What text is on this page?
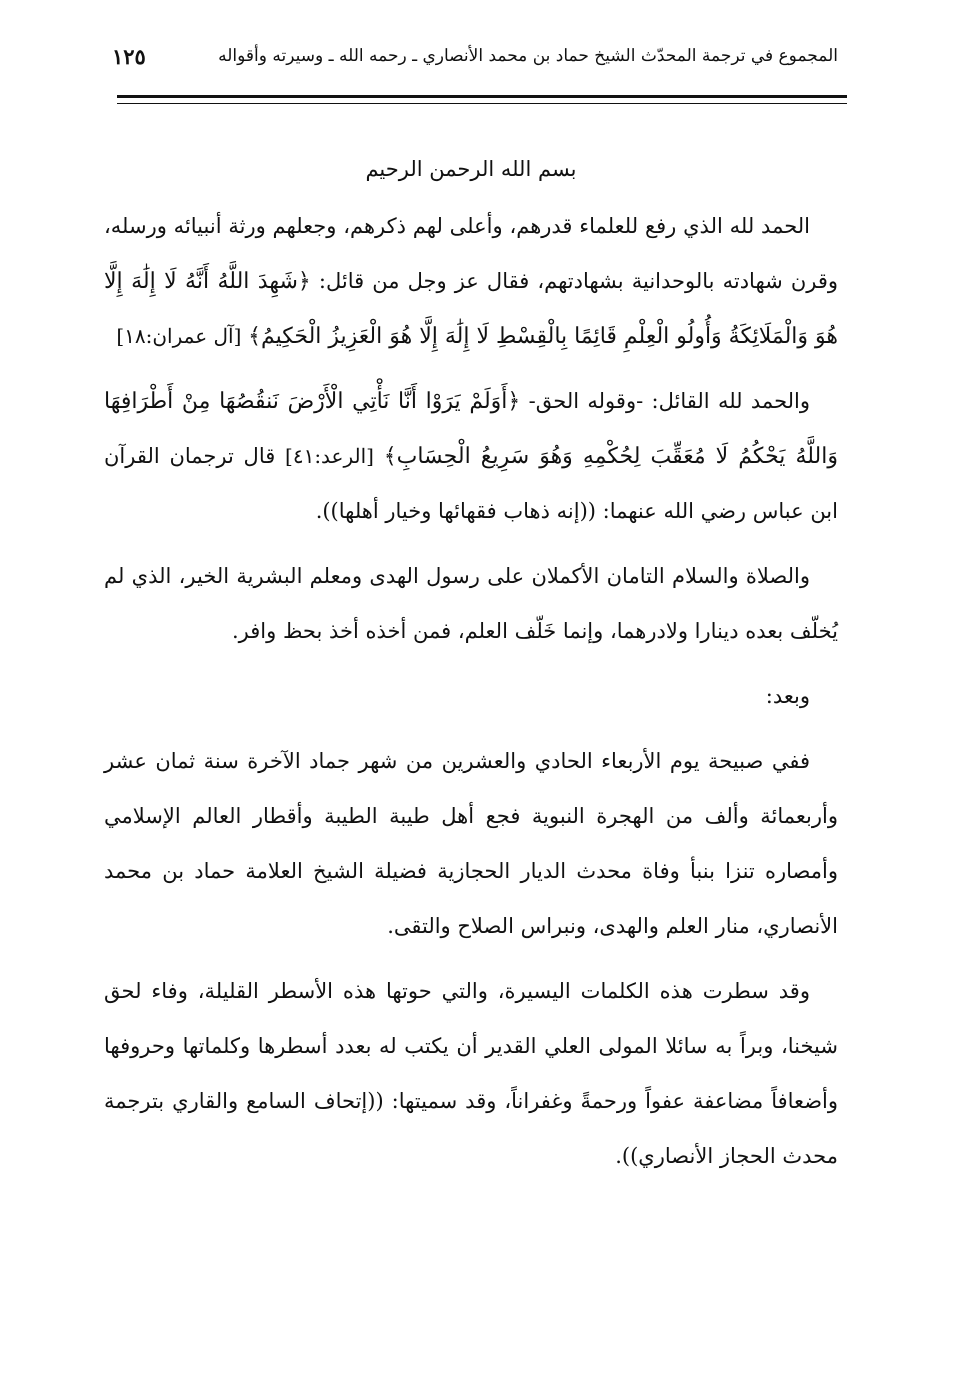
المجموع في ترجمة المحدّث الشيخ حماد بن محمد الأنصاري ـ رحمه الله ـ وسيرته وأقواله
١٢٥

بسم الله الرحمن الرحيم

الحمد لله الذي رفع للعلماء قدرهم، وأعلى لهم ذكرهم، وجعلهم ورثة أنبيائه ورسله، وقرن شهادته بالوحدانية بشهادتهم، فقال عز وجل من قائل: ﴿شَهِدَ اللَّهُ أَنَّهُ لَا إِلَٰهَ إِلَّا هُوَ وَالْمَلَائِكَةُ وَأُولُو الْعِلْمِ قَائِمًا بِالْقِسْطِ لَا إِلَٰهَ إِلَّا هُوَ الْعَزِيزُ الْحَكِيمُ﴾ [آل عمران:١٨]

والحمد لله القائل: -وقوله الحق- ﴿أَوَلَمْ يَرَوْا أَنَّا نَأْتِي الْأَرْضَ نَنقُصُهَا مِنْ أَطْرَافِهَا وَاللَّهُ يَحْكُمُ لَا مُعَقِّبَ لِحُكْمِهِ وَهُوَ سَرِيعُ الْحِسَابِ﴾ [الرعد:٤١] قال ترجمان القرآن ابن عباس رضي الله عنهما: ((إنه ذهاب فقهائها وخيار أهلها)).

والصلاة والسلام التامان الأكملان على رسول الهدى ومعلم البشرية الخير، الذي لم يُخلّف بعده دينارا ولادرهما، وإنما خَلّف العلم، فمن أخذه أخذ بحظ وافر.

وبعد:

ففي صبيحة يوم الأربعاء الحادي والعشرين من شهر جماد الآخرة سنة ثمان عشر وأربعمائة وألف من الهجرة النبوية فجع أهل طيبة الطيبة وأقطار العالم الإسلامي وأمصاره تنزا بنبأ وفاة محدث الديار الحجازية فضيلة الشيخ العلامة حماد بن محمد الأنصاري، منار العلم والهدى، ونبراس الصلاح والتقى.

وقد سطرت هذه الكلمات اليسيرة، والتي حوتها هذه الأسطر القليلة، وفاء لحق شيخنا، وبراً به سائلا المولى العلي القدير أن يكتب له بعدد أسطرها وكلماتها وحروفها وأضعافاً مضاعفة عفواً ورحمةً وغفراناً، وقد سميتها: ((إتحاف السامع والقاري بترجمة محدث الحجاز الأنصاري)).
